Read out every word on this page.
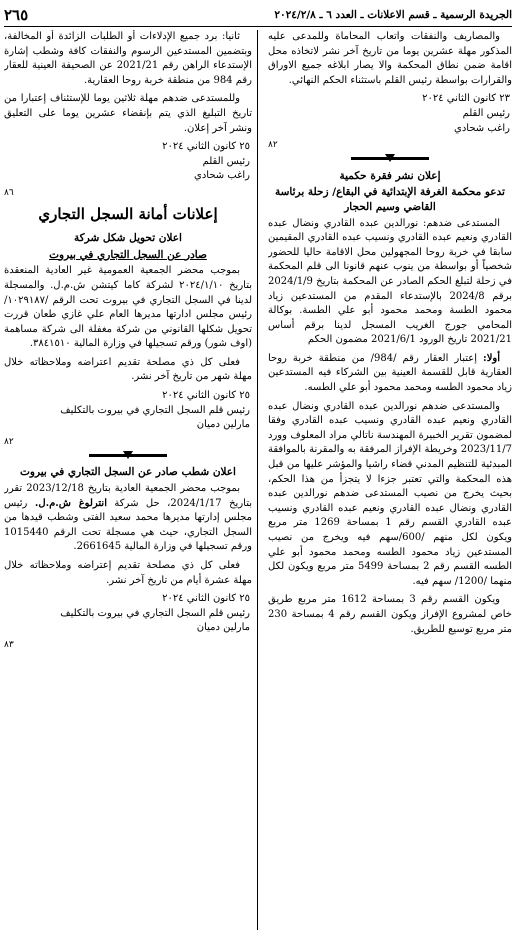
الجريدة الرسمية ـ قسم الاعلانات ـ العدد ٦ ـ ٢٠٢٤/٢/٨
٢٦٥

والمصاريف والنفقات واتعاب المحاماة وللمدعى عليه المذكور مهلة عشرين يوما من تاريخ آخر نشر لاتخاذه محل اقامة ضمن نطاق المحكمة والا يصار ابلاغه جميع الاوراق والقرارات بواسطة رئيس القلم باستثناء الحكم النهائي.

٢٣ كانون الثاني ٢٠٢٤
رئيس القلم
راغب شحادي
٨٢
إعلان نشر فقرة حكمية
تدعو محكمة الغرفة الإبتدائية في البقاع/ زحلة برئاسة القاضي وسيم الحجار

المستدعى ضدهم: نورالدين عبده القادري ونضال عبده القادري ونعيم عبده القادري ونسيب عبده القادري المقيمين سابقا في خربة روحا المجهولين محل الاقامة حاليا للحضور شخصياً أو بواسطة من ينوب عنهم قانونا الى قلم المحكمة في زحلة لتبلغ الحكم الصادر عن المحكمة بتاريخ 2024/1/9 برقم 2024/8 بالإستدعاء المقدم من المستدعين زياد محمود الطسة ومحمد محمود أبو علي الطسة. بوكالة المحامي جورج الغريب المسجل لدينا برقم أساس 2021/21 تاريخ الورود 2021/6/1 مضمون الحكم

أولا: إعتبار العقار رقم /984/ من منطقة خربة روحا العقارية قابل للقسمة العينية بين الشركاء فيه المستدعين زياد محمود الطسه ومحمد محمود أبو علي الطسه.

والمستدعى ضدهم نورالدين عبده القادري ونضال عبده القادري ونعيم عبده القادري ونسيب عبده القادري وفقا لمضمون تقرير الخبيرة المهندسة ناتالي مراد المعلوف وورد 2023/11/7 وخريطة الإفراز المرفقة به والمقرنة بالموافقة المبدئية للتنظيم المدني قضاء راشيا والمؤشر عليها من قبل هذه المحكمة والتي تعتبر جزءا لا يتجزأ من هذا الحكم، بحيث يخرج من نصيب المستدعى ضدهم نورالدين عبده القادري ونضال عبده القادري ونعيم عبده القادري ونسيب عبده القادري القسم رقم 1 بمساحة 1269 متر مربع ويكون لكل منهم /600/سهم فيه ويخرج من نصيب المستدعين زياد محمود الطسه ومحمد محمود أبو علي الطسه القسم رقم 2 بمساحة 5499 متر مربع ويكون لكل منهما /1200/ سهم فيه.

ويكون القسم رقم 3 بمساحة 1612 متر مربع طريق خاص لمشروع الإفراز ويكون القسم رقم 4 بمساحة 230 متر مربع توسيع للطريق.

ثانيا: برد جميع الإدلاءات أو الطلبات الزائدة أو المخالفة، وبتضمين المستدعين الرسوم والنفقات كافة وشطب إشارة الإستدعاء الراهن رقم 2021/21 عن الصحيفة العينية للعقار رقم 984 من منطقة خربة روحا العقارية.

وللمستدعى ضدهم مهلة ثلاثين يوما للإستئناف إعتبارا من تاريخ التبليغ الذي يتم بإنقضاء عشرين يوما على التعليق ونشر آخر إعلان.

٢٥ كانون الثاني ٢٠٢٤
رئيس القلم
راغب شحادي
٨٦
إعلانات أمانة السجل التجاري
اعلان تحويل شكل شركة
صادر عن السجل التجاري في بيروت

بموجب محضر الجمعية العمومية غير العادية المنعقدة بتاريخ ٢٠٢٤/١/١٠ لشركة كاما كيتشن ش.م.ل. والمسجلة لدينا في السجل التجاري في بيروت تحت الرقم /١٠٢٩١٨٧/ رئيس مجلس ادارتها مديرها العام علي غازي طعان قررت تحويل شكلها القانوني من شركة مغفلة الى شركة مساهمة (اوف شور) ورقم تسجيلها في وزارة المالية ٣٨٤١٥١٠.

فعلى كل ذي مصلحة تقديم اعتراضه وملاحظاته خلال مهلة شهر من تاريخ آخر نشر.

٢٥ كانون الثاني ٢٠٢٤
رئيس قلم السجل التجاري في بيروت بالتكليف
مارلين دميان
٨٢
اعلان شطب صادر عن السجل التجاري في بيروت

بموجب محضر الجمعية العادية بتاريخ 2023/12/18 تقرر بتاريخ 2024/1/17، حل شركة انترلوغ ش.م.ل. رئيس مجلس إدارتها مديرها محمد سعيد الفتى وشطب قيدها من السجل التجاري، حيث هي مسجلة تحت الرقم 1015440 ورقم تسجيلها في وزارة المالية 2661645.

فعلى كل ذي مصلحة تقديم إعتراضه وملاحظاته خلال مهلة عشرة أيام من تاريخ آخر نشر.

٢٥ كانون الثاني ٢٠٢٤
رئيس قلم السجل التجاري في بيروت بالتكليف
مارلين دميان
٨٣
